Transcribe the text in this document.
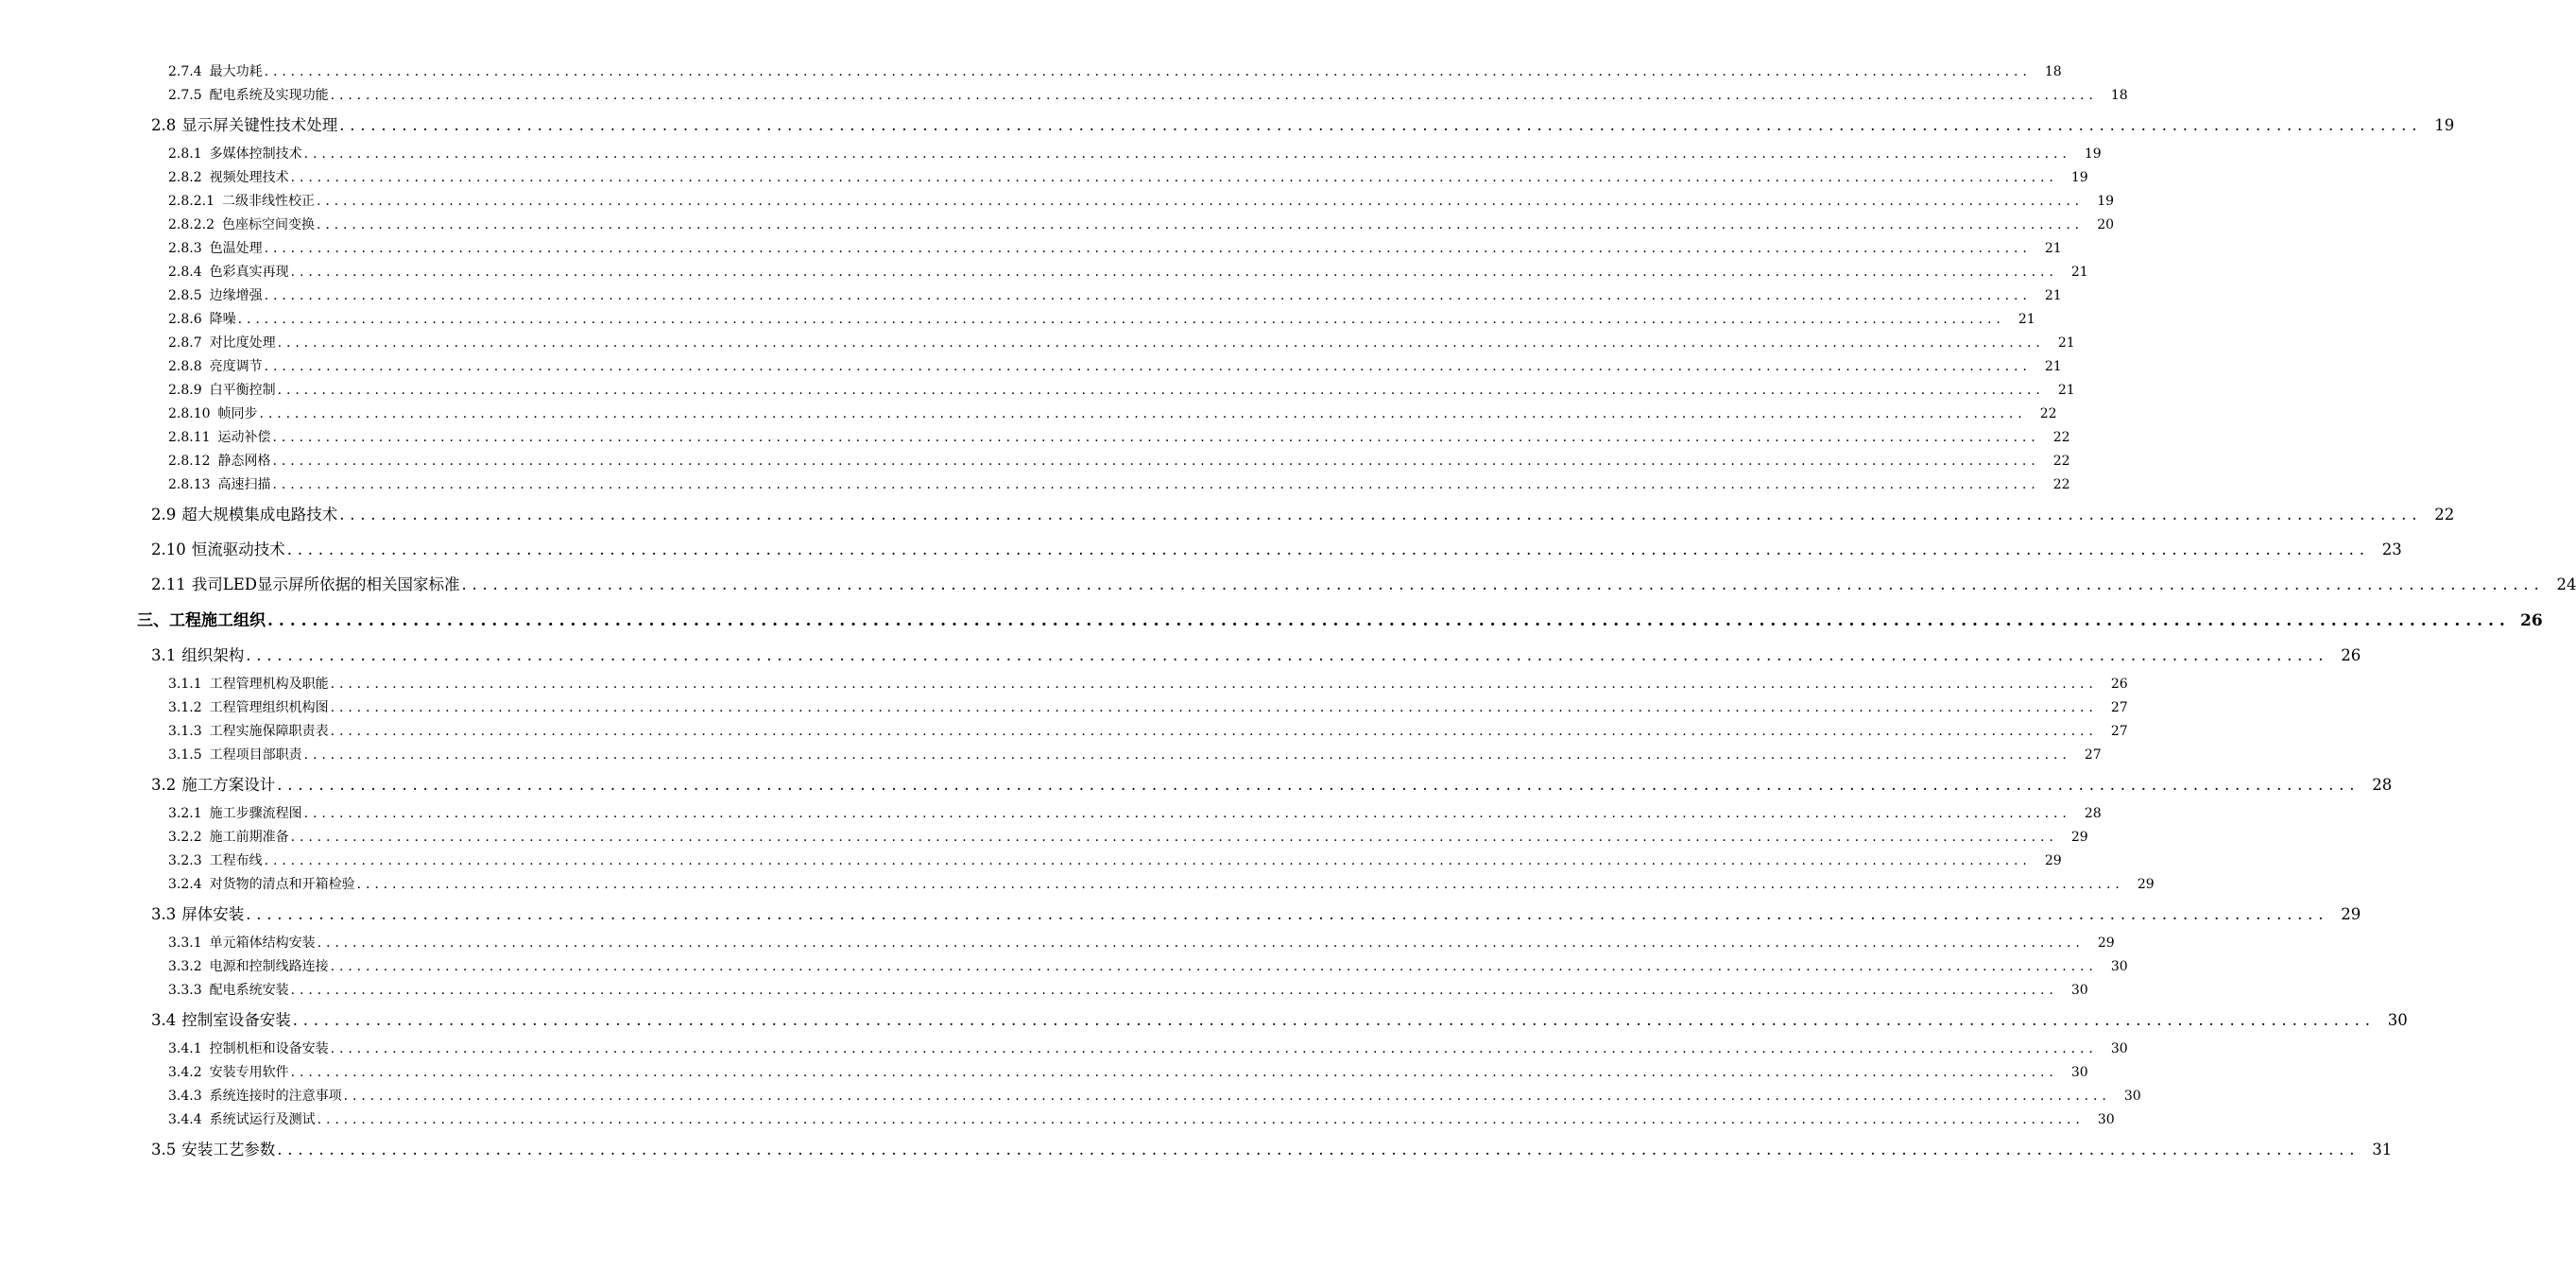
2.7.4 最大功耗 ........................................................................................................................................................................................................	18
2.7.5 配电系统及实现功能 ........................................................................................................................................................................................................	18
2.8 显示屏关键性技术处理 ........................................................................................................................................................................................................ 19
2.8.1 多媒体控制技术 ........................................................................................................................................................................................................	19
2.8.2 视频处理技术 ........................................................................................................................................................................................................	19
2.8.2.1 二级非线性校正 ........................................................................................................................................................................................................	19
2.8.2.2 色座标空间变换 ........................................................................................................................................................................................................	20
2.8.3 色温处理 ........................................................................................................................................................................................................	21
2.8.4 色彩真实再现 ........................................................................................................................................................................................................	21
2.8.5 边缘增强 ........................................................................................................................................................................................................	21
2.8.6 降噪 ........................................................................................................................................................................................................	21
2.8.7 对比度处理 ........................................................................................................................................................................................................	21
2.8.8 亮度调节 ........................................................................................................................................................................................................	21
2.8.9 白平衡控制 ........................................................................................................................................................................................................	21
2.8.10 帧同步 ........................................................................................................................................................................................................	22
2.8.11 运动补偿 ........................................................................................................................................................................................................	22
2.8.12 静态网格 ........................................................................................................................................................................................................	22
2.8.13 高速扫描 ........................................................................................................................................................................................................	22
2.9 超大规模集成电路技术 ........................................................................................................................................................................................................ 22
2.10 恒流驱动技术 ........................................................................................................................................................................................................ 23
2.11 我司LED显示屏所依据的相关国家标准 ........................................................................................................................................................................................................ 24
三、工程施工组织 ........................................................................................................................................................................................................ 26
3.1 组织架构 ........................................................................................................................................................................................................ 26
3.1.1 工程管理机构及职能 ........................................................................................................................................................................................................	26
3.1.2 工程管理组织机构图 ........................................................................................................................................................................................................	27
3.1.3 工程实施保障职责表 ........................................................................................................................................................................................................	27
3.1.5 工程项目部职责 ........................................................................................................................................................................................................	27
3.2 施工方案设计 ........................................................................................................................................................................................................ 28
3.2.1 施工步骤流程图 ........................................................................................................................................................................................................	28
3.2.2 施工前期准备 ........................................................................................................................................................................................................	29
3.2.3 工程布线 ........................................................................................................................................................................................................	29
3.2.4 对货物的清点和开箱检验 ........................................................................................................................................................................................................	29
3.3 屏体安装 ........................................................................................................................................................................................................ 29
3.3.1 单元箱体结构安装 ........................................................................................................................................................................................................	29
3.3.2 电源和控制线路连接 ........................................................................................................................................................................................................	30
3.3.3 配电系统安装 ........................................................................................................................................................................................................	30
3.4 控制室设备安装 ........................................................................................................................................................................................................ 30
3.4.1 控制机柜和设备安装 ........................................................................................................................................................................................................	30
3.4.2 安装专用软件 ........................................................................................................................................................................................................	30
3.4.3 系统连接时的注意事项 ........................................................................................................................................................................................................	30
3.4.4 系统试运行及测试 ........................................................................................................................................................................................................	30
3.5 安装工艺参数 ........................................................................................................................................................................................................ 31
